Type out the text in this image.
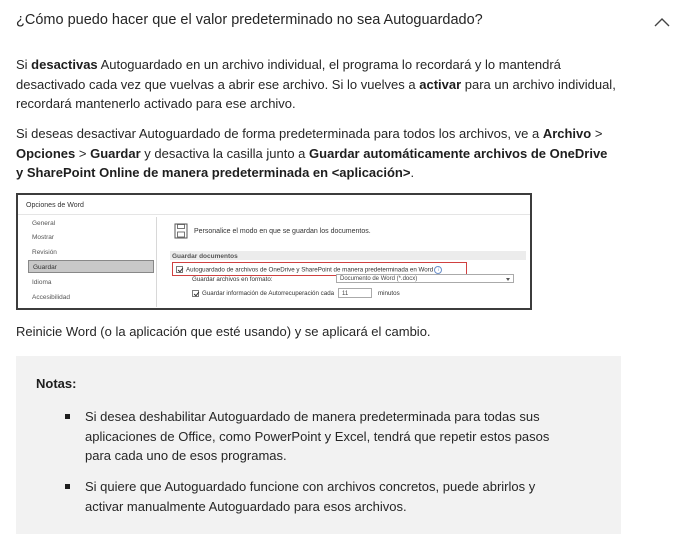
¿Cómo puedo hacer que el valor predeterminado no sea Autoguardado?
Si desactivas Autoguardado en un archivo individual, el programa lo recordará y lo mantendrá desactivado cada vez que vuelvas a abrir ese archivo. Si lo vuelves a activar para un archivo individual, recordará mantenerlo activado para ese archivo.
Si deseas desactivar Autoguardado de forma predeterminada para todos los archivos, ve a Archivo > Opciones > Guardar y desactiva la casilla junto a Guardar automáticamente archivos de OneDrive y SharePoint Online de manera predeterminada en <aplicación>.
Opciones de Word
General
Mostrar
Revisión
Guardar
Idioma
Accesibilidad
Personalice el modo en que se guardan los documentos.
Guardar documentos
Autoguardado de archivos de OneDrive y SharePoint de manera predeterminada en Word i
Guardar archivos en formato:	Documento de Word (*.docx)
Guardar información de Autorrecuperación cada	11	minutos
Reinicie Word (o la aplicación que esté usando) y se aplicará el cambio.
Notas:
Si desea deshabilitar Autoguardado de manera predeterminada para todas sus aplicaciones de Office, como PowerPoint y Excel, tendrá que repetir estos pasos para cada uno de esos programas.
Si quiere que Autoguardado funcione con archivos concretos, puede abrirlos y activar manualmente Autoguardado para esos archivos.
